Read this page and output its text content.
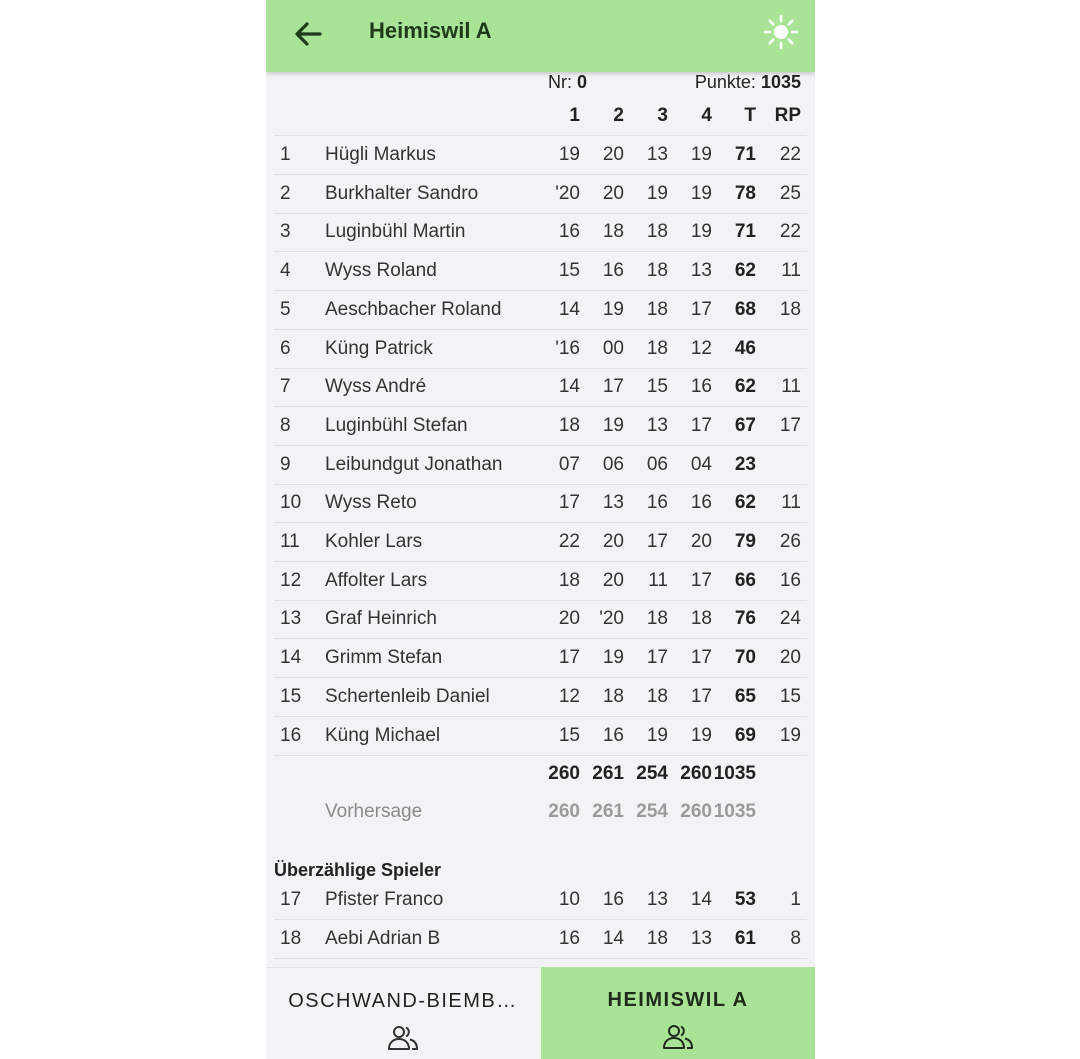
Heimiswil A
Nr: 0	Punkte: 1035
1 2 3 4 T RP
1 Hügli Markus	19 20 13 19 71 22
2 Burkhalter Sandro	'20 20 19 19 78 25
3 Luginbühl Martin	16 18 18 19 71 22
4 Wyss Roland	15 16 18 13 62 11
5 Aeschbacher Roland	14 19 18 17 68 18
6 Küng Patrick	'16 00 18 12 46
7 Wyss André	14 17 15 16 62 11
8 Luginbühl Stefan	18 19 13 17 67 17
9 Leibundgut Jonathan	07 06 06 04 23
10 Wyss Reto	17 13 16 16 62 11
11 Kohler Lars	22 20 17 20 79 26
12 Affolter Lars	18 20 11 17 66 16
13 Graf Heinrich	20 '20 18 18 76 24
14 Grimm Stefan	17 19 17 17 70 20
15 Schertenleib Daniel	12 18 18 17 65 15
16 Küng Michael	15 16 19 19 69 19
260 261 254 260 1035
Vorhersage	260 261 254 260 1035
Überzählige Spieler
17 Pfister Franco	10 16 13 14 53 1
18 Aebi Adrian B	16 14 18 13 61 8
OSCHWAND-BIEMB…	HEIMISWIL A
